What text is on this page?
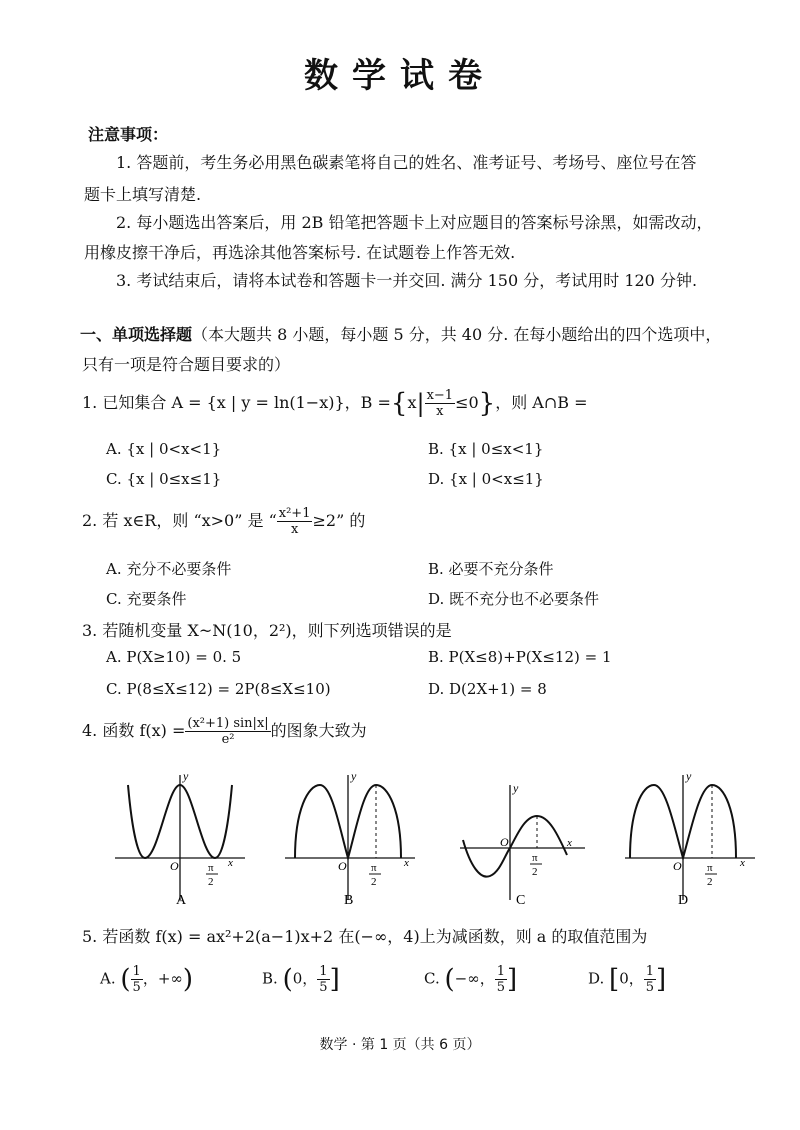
数学试卷
注意事项：
1. 答题前，考生务必用黑色碳素笔将自己的姓名、准考证号、考场号、座位号在答
题卡上填写清楚.
2. 每小题选出答案后，用 2B 铅笔把答题卡上对应题目的答案标号涂黑，如需改动，
用橡皮擦干净后，再选涂其他答案标号. 在试题卷上作答无效.
3. 考试结束后，请将本试卷和答题卡一并交回. 满分 150 分，考试用时 120 分钟.
一、单项选择题（本大题共 8 小题，每小题 5 分，共 40 分. 在每小题给出的四个选项中，
只有一项是符合题目要求的）
1. 已知集合 A = {x | y = ln(1−x)}，$B =\{x| \frac{x-1}{x} \le 0\}$，则 A∩B =
A. {x | 0<x<1}	B. {x | 0≤x<1}
C. {x | 0≤x≤1}	D. {x | 0<x≤1}
2. 若 x∈R，则 “x>0” 是 “ $\frac{\text{x²+1}}{x} \ge 2$” 的
A. 充分不必要条件	B. 必要不充分条件
C. 充要条件	D. 既不充分也不必要条件
3. 若随机变量 X~N(10，2²)，则下列选项错误的是
A. P(X≥10) = 0. 5	B. P(X≤8)+P(X≤12) = 1
C. P(8≤X≤12) = 2P(8≤X≤10)	D. D(2X+1) = 8
4. 函数 $f(x) = \frac{\text{(x²+1) sin|x|}}{\text{e²}}$ 的图象大致为
y
O	x
π
2
A
y
O	x
π
2
B
y
O	x
π
2
C
y
O	x
π
2
D
5. 若函数 f(x) = ax²+2(a−1)x+2 在(−∞，4)上为减函数，则 a 的取值范围为
A. ( $\frac{1}{5}$ ，+∞)	B. (0， $\frac{1}{5}$ ]	C. (−∞， $\frac{1}{5}$ ]	D. [0， $\frac{1}{5}$ ]
数学 · 第 1 页（共 6 页）
